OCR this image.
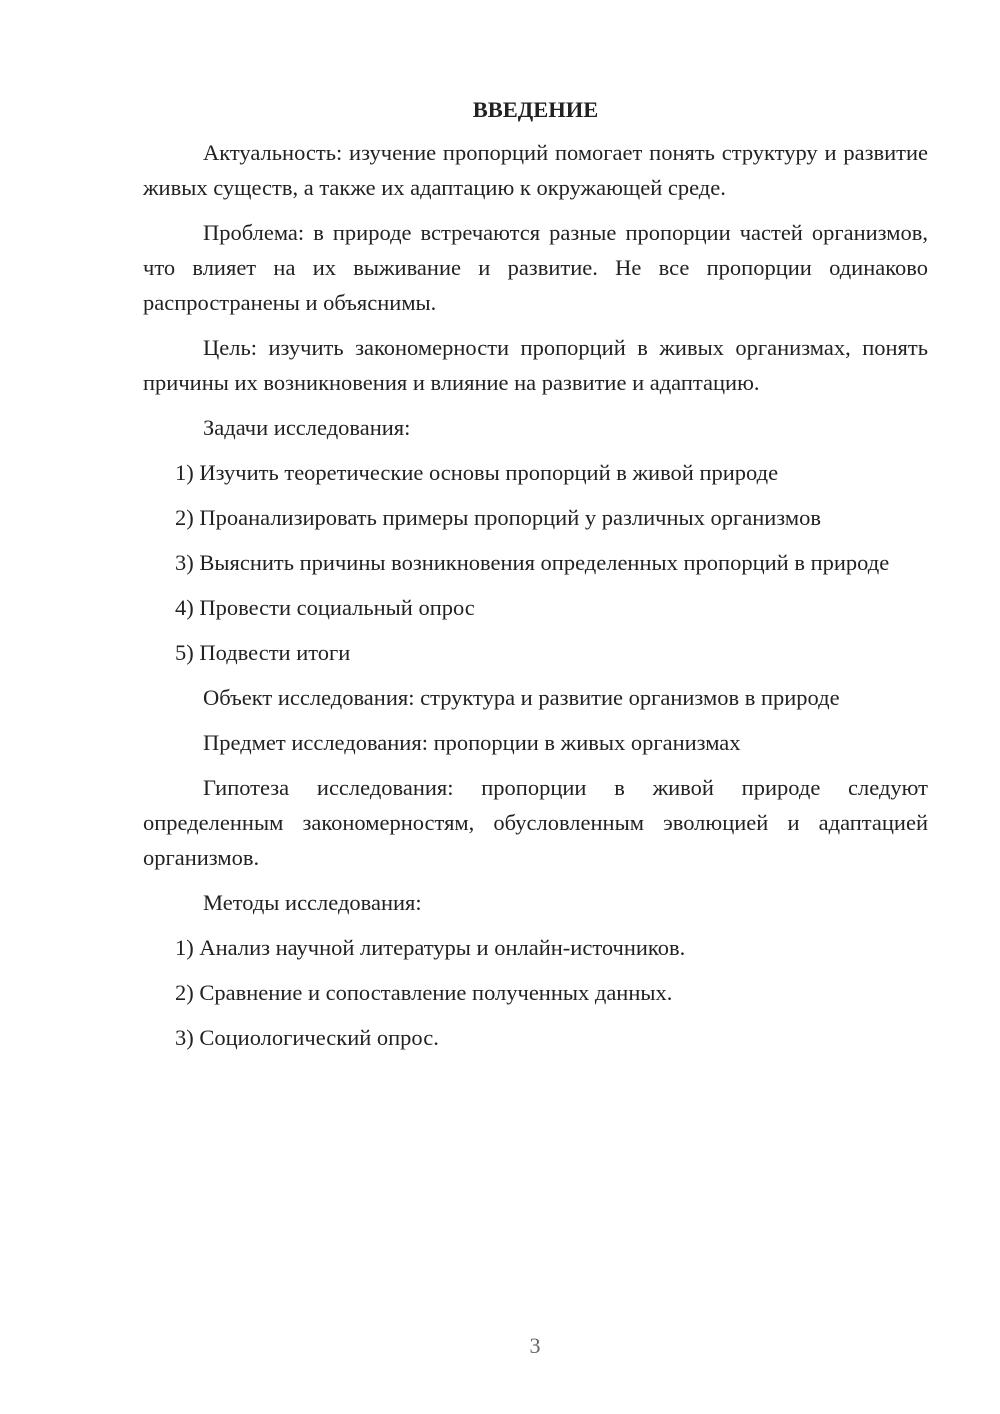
ВВЕДЕНИЕ

Актуальность: изучение пропорций помогает понять структуру и развитие живых существ, а также их адаптацию к окружающей среде.

Проблема: в природе встречаются разные пропорции частей организмов, что влияет на их выживание и развитие. Не все пропорции одинаково распространены и объяснимы.

Цель: изучить закономерности пропорций в живых организмах, понять причины их возникновения и влияние на развитие и адаптацию.

Задачи исследования:

1) Изучить теоретические основы пропорций в живой природе

2) Проанализировать примеры пропорций у различных организмов

3) Выяснить причины возникновения определенных пропорций в природе

4) Провести социальный опрос

5) Подвести итоги

Объект исследования: структура и развитие организмов в природе

Предмет исследования: пропорции в живых организмах

Гипотеза исследования: пропорции в живой природе следуют определенным закономерностям, обусловленным эволюцией и адаптацией организмов.

Методы исследования:

1) Анализ научной литературы и онлайн-источников.

2) Сравнение и сопоставление полученных данных.

3) Социологический опрос.

3
